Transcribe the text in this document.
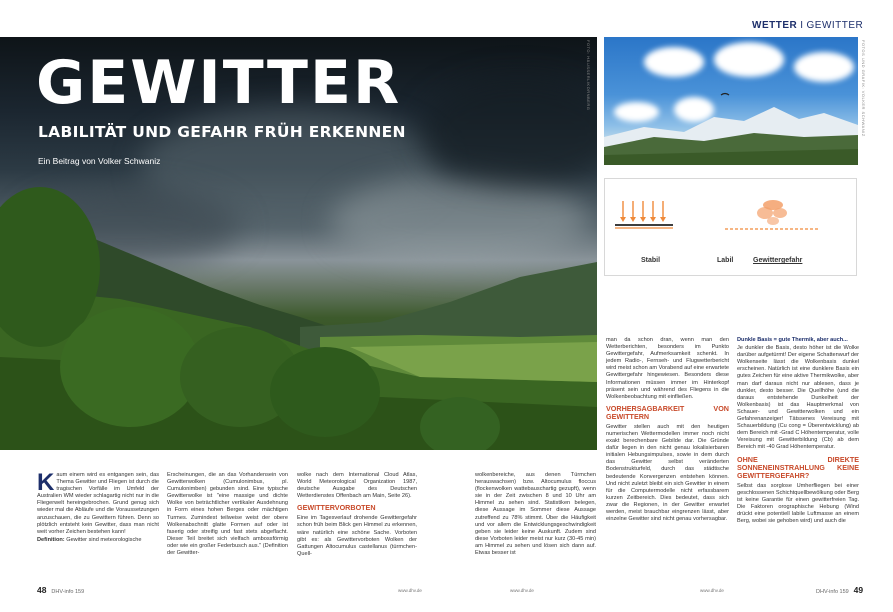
GEWITTER
LABILITÄT UND GEFAHR FRÜH ERKENNEN
Ein Beitrag von Volker Schwaniz
FOTO: HÄUSSERL/KORNBERG	FOTOS UND GRAFIK: VOLKER SCHWANIZ
WETTER I GEWITTER
Stabil	Labil	Gewittergefahr
K aum einem wird es entgangen sein, das Thema Gewitter und Fliegen ist durch die tragischen Vorfälle im Umfeld der Australien WM wieder schlagartig nicht nur in die Fliegerwelt hereingebrochen. Grund genug sich wieder mal die Abläufe und die Voraussetzungen anzuschauen, die zu Gewittern führen. Denn so plötzlich entsteht kein Gewitter, dass man nicht weit vorher Zeichen bestehen kann!

Definition: Gewitter sind meteorologische

Erscheinungen, die an das Vorhandensein von Gewitterwolken (Cumulonimbus, pl. Cumulonimben) gebunden sind. Eine typische Gewitterwolke ist "eine massige und dichte Wolke von beträchtlicher vertikaler Ausdehnung in Form eines hohen Berges oder mächtigen Turmes. Zumindest teilweise weist der obere Wolkenabschnitt glatte Formen auf oder ist faserig oder streifig und fast stets abgeflacht. Dieser Teil breitet sich vielfach ambossförmig oder wie ein großer Federbusch aus." (Definition der Gewitter-

wolke nach dem International Cloud Atlas, World Meteorological Organization 1987, deutsche Ausgabe des Deutschen Wetterdienstes Offenbach am Main, Seite 26).

GEWITTERVORBOTEN

Eine im Tagesverlauf drohende Gewittergefahr schon früh beim Blick gen Himmel zu erkennen, wäre natürlich eine schöne Sache. Vorboten gibt es: als Gewittervorboten Wolken der Gattungen Altocumulus castellanus (türmchen-Quell-

wolkenbereiche, aus denen Türmchen herauswachsen) bzw. Altocumulus floccus (flockenwolken wattebauschartig gezupft), wenn sie in der Zeit zwischen 8 und 10 Uhr am Himmel zu sehen sind. Statistiken belegen, diese Aussage im Sommer diese Aussage zutreffend zu 78% stimmt. Über die Häufigkeit und vor allem die Entwicklungsgeschwindigkeit geben sie leider keine Auskunft. Zudem sind diese Vorboten leider meist nur kurz (30-45 min) am Himmel zu sehen und lösen sich dann auf. Etwas besser ist

man da schon dran, wenn man den Wetterberichten, besonders im Punkto Gewittergefahr, Aufmerksamkeit schenkt. In jedem Radio-, Fernseh- und Flugwetterbericht wird meist schon am Vorabend auf eine erwartete Gewittergefahr hingewiesen. Besonders diese Informationen müssen immer im Hinterkopf präsent sein und während des Fliegens in die Wolkenbeobachtung mit einfließen.

VORHERSAGBARKEIT VON GEWITTERN

Gewitter stellen auch mit den heutigen numerischen Wettermodellen immer noch nicht exakt berechenbare Gebilde dar. Die Gründe dafür liegen in den nicht genau lokalisierbaren initialen Hebungsimpulses, sowie in dem durch das Gewitter selbst veränderten Bodenstrukturfeld, durch das städtische bedeutende Konvergenzen entstehen können. Und nicht zuletzt bleibt ein sich Gewitter in einem für die Computermodelle nicht erfassbarem kurzen Zeitbereich. Dies bedeutet, dass sich zwar die Regionen, in der Gewitter erwartet werden, meist brauchbar eingrenzen lässt, aber einzelne Gewitter sind nicht genau vorhersagbar.

Dunkle Basis = gute Thermik, aber auch...

Je dunkler die Basis, desto höher ist die Wolke darüber aufgetürmt! Der eigene Schattenwurf der Wolkenseite lässt die Wolkenbasis dunkel erscheinen. Natürlich ist eine dunklere Basis ein gutes Zeichen für eine aktive Thermikwolke, aber man darf daraus nicht nur ablesen, dass je dunkler, desto besser. Die Quellhöhe (und die daraus entstehende Dunkelheit der Wolkenbasis) ist das Hauptmerkmal von Schauer- und Gewitterwolken und ein Gefahrenanzeiger! Tätssenes Vereisung mit Schauerbildung (Cu cong = Überentwicklung) ab dem Bereich mit -Grad C Höhentemperatur, volle Vereisung mit Gewitterbildung (Cb) ab dem Bereich mit -40 Grad Höhentemperatur.

OHNE DIREKTE SONNENEINSTRAHLUNG KEINE GEWITTERGEFAHR?

Selbst das sorglose Umherfliegen bei einer geschlossenen Schichtquellbewölkung oder Berg ist keine Garantie für einen gewitterfreien Tag. Die Faktoren orographische Hebung (Wind drückt eine potentiell labile Luftmasse an einem Berg, wobei sie gehoben wird) und auch die

48 DHV-info 159	www.dhv.de	www.dhv.de	www.dhv.de	DHV-info 159 49
